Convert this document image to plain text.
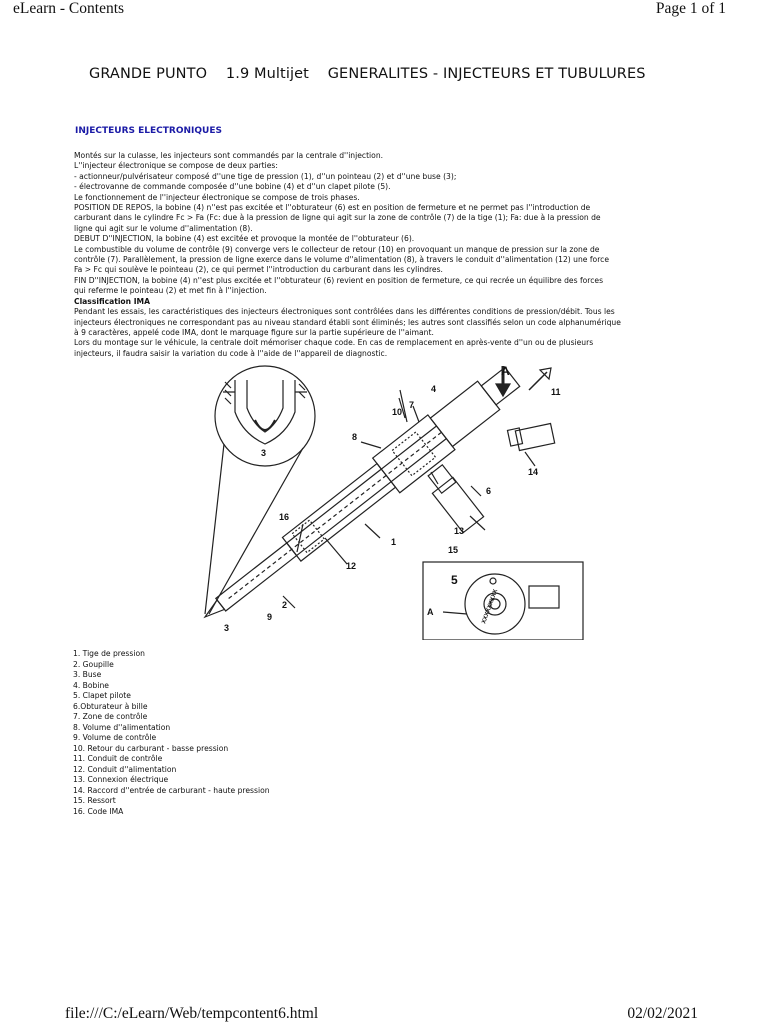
eLearn - Contents	Page 1 of 1
GRANDE PUNTO    1.9 Multijet    GENERALITES - INJECTEURS ET TUBULURES
INJECTEURS ELECTRONIQUES
Montés sur la culasse, les injecteurs sont commandés par la centrale d''injection.
L''injecteur électronique se compose de deux parties:
- actionneur/pulvérisateur composé d''une tige de pression (1), d''un pointeau (2) et d''une buse (3);
- électrovanne de commande composée d''une bobine (4) et d''un clapet pilote (5).
Le fonctionnement de l''injecteur électronique se compose de trois phases.
POSITION DE REPOS, la bobine (4) n''est pas excitée et l''obturateur (6) est en position de fermeture et ne permet pas l''introduction de
carburant dans le cylindre Fc > Fa (Fc: due à la pression de ligne qui agit sur la zone de contrôle (7) de la tige (1); Fa: due à la pression de
ligne qui agit sur le volume d''alimentation (8).
DEBUT D''INJECTION, la bobine (4) est excitée et provoque la montée de l''obturateur (6).
Le combustible du volume de contrôle (9) converge vers le collecteur de retour (10) en provoquant un manque de pression sur la zone de
contrôle (7). Parallèlement, la pression de ligne exerce dans le volume d''alimentation (8), à travers le conduit d''alimentation (12) une force
Fa > Fc qui soulève le pointeau (2), ce qui permet l''introduction du carburant dans les cylindres.
FIN D''INJECTION, la bobine (4) n''est plus excitée et l''obturateur (6) revient en position de fermeture, ce qui recrée un équilibre des forces
qui referme le pointeau (2) et met fin à l''injection.
Classification IMA
Pendant les essais, les caractéristiques des injecteurs électroniques sont contrôlées dans les différentes conditions de pression/débit. Tous les
injecteurs électroniques ne correspondant pas au niveau standard établi sont éliminés; les autres sont classifiés selon un code alphanumérique
à 9 caractères, appelé code IMA, dont le marquage figure sur la partie supérieure de l''aimant.
Lors du montage sur le véhicule, la centrale doit mémoriser chaque code. En cas de remplacement en après-vente d''un ou de plusieurs
injecteurs, il faudra saisir la variation du code à l''aide de l''appareil de diagnostic.
3
4
7
10
8
11
14
6
13
1
15
16
12
2
9
3
A
A
5
XXXXXXXXX
1. Tige de pression
2. Goupille
3. Buse
4. Bobine
5. Clapet pilote
6.Obturateur à bille
7. Zone de contrôle
8. Volume d''alimentation
9. Volume de contrôle
10. Retour du carburant - basse pression
11. Conduit de contrôle
12. Conduit d''alimentation
13. Connexion électrique
14. Raccord d''entrée de carburant - haute pression
15. Ressort
16. Code IMA
file:///C:/eLearn/Web/tempcontent6.html	02/02/2021
